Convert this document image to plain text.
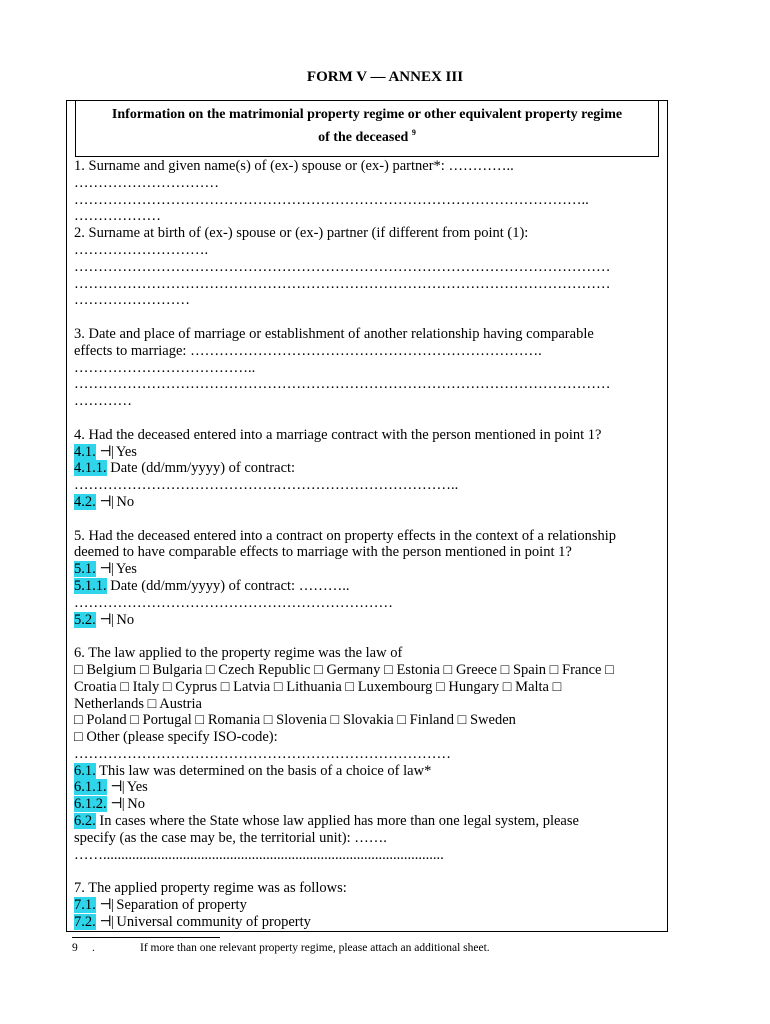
FORM V — ANNEX III
Information on the matrimonial property regime or other equivalent property regime
of the deceased $^9$
1. Surname and given name(s) of (ex-) spouse or (ex-) partner*: …………..
…………………………
……………………………………………………………………………………………..
………………
2. Surname at birth of (ex-) spouse or (ex-) partner (if different from point (1):
……………………….
…………………………………………………………………………………………………
…………………………………………………………………………………………………
……………………
3. Date and place of marriage or establishment of another relationship having comparable
effects to marriage: ……………………………………………………………….
………………………………..
…………………………………………………………………………………………………
…………
4. Had the deceased entered into a marriage contract with the person mentioned in point 1?
4.1. ⊣| Yes
4.1.1. Date (dd/mm/yyyy) of contract:
……………………………………………………………………..
4.2. ⊣| No
5. Had the deceased entered into a contract on property effects in the context of a relationship
deemed to have comparable effects to marriage with the person mentioned in point 1?
5.1. ⊣| Yes
5.1.1. Date (dd/mm/yyyy) of contract: ………..
…………………………………………………………
5.2. ⊣| No
6. The law applied to the property regime was the law of
□ Belgium □ Bulgaria □ Czech Republic □ Germany □ Estonia □ Greece □ Spain □ France □
Croatia □ Italy □ Cyprus □ Latvia □ Lithuania □ Luxembourg □ Hungary □ Malta □
Netherlands □ Austria
□ Poland □ Portugal □ Romania □ Slovenia □ Slovakia □ Finland □ Sweden
□ Other (please specify ISO-code):
……………………………………………………………………
6.1. This law was determined on the basis of a choice of law*
6.1.1. ⊣| Yes
6.1.2. ⊣| No
6.2. In cases where the State whose law applied has more than one legal system, please
specify (as the case may be, the territorial unit): …….
……..............................................................................................
7. The applied property regime was as follows:
7.1. ⊣| Separation of property
7.2. ⊣| Universal community of property
9 .	If more than one relevant property regime, please attach an additional sheet.
